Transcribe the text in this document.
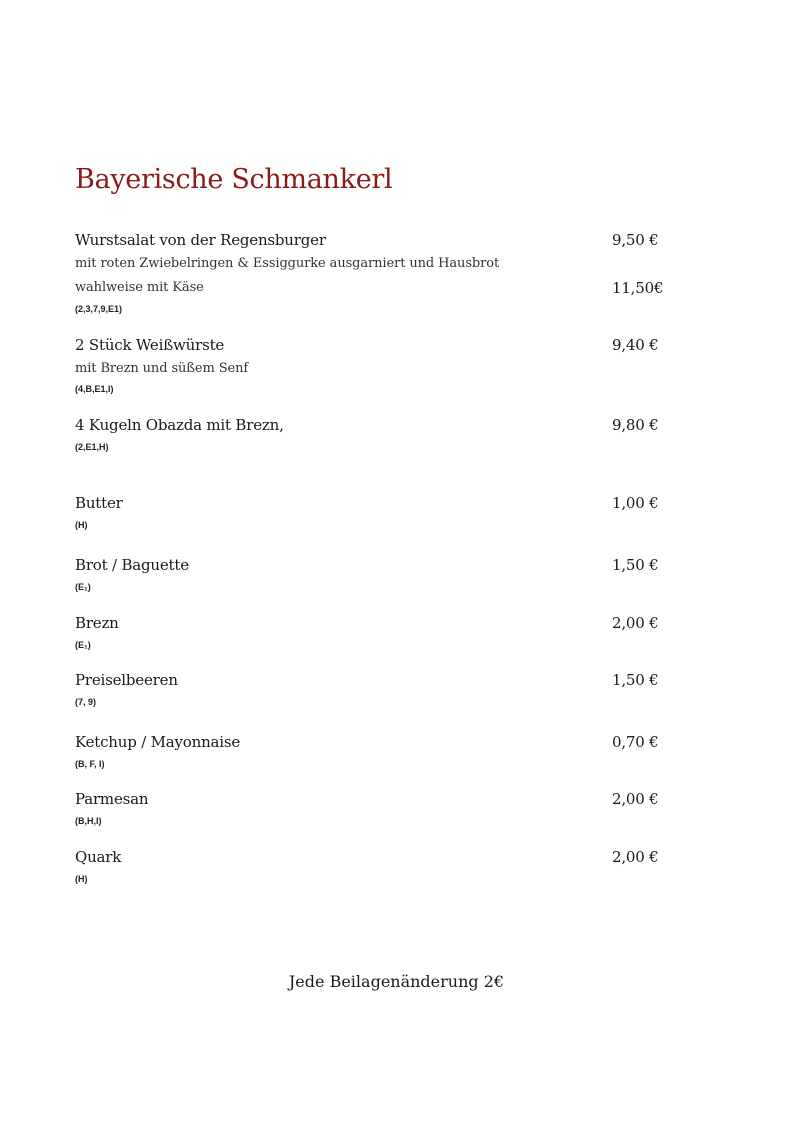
Bayerische Schmankerl
Wurstsalat von der Regensburger	9,50 €
mit roten Zwiebelringen & Essiggurke ausgarniert und Hausbrot
wahlweise mit Käse	11,50€
(2,3,7,9,E1)
2 Stück Weißwürste	9,40 €
mit Brezn und süßem Senf
(4,B,E1,I)
4 Kugeln Obazda mit Brezn,	9,80 €
(2,E1,H)
Butter	1,00 €
(H)
Brot / Baguette	1,50 €
(E₁)
Brezn	2,00 €
(E₁)
Preiselbeeren	1,50 €
(7, 9)
Ketchup / Mayonnaise	0,70 €
(B, F, I)
Parmesan	2,00 €
(B,H,I)
Quark	2,00 €
(H)
Jede Beilagenänderung 2€
